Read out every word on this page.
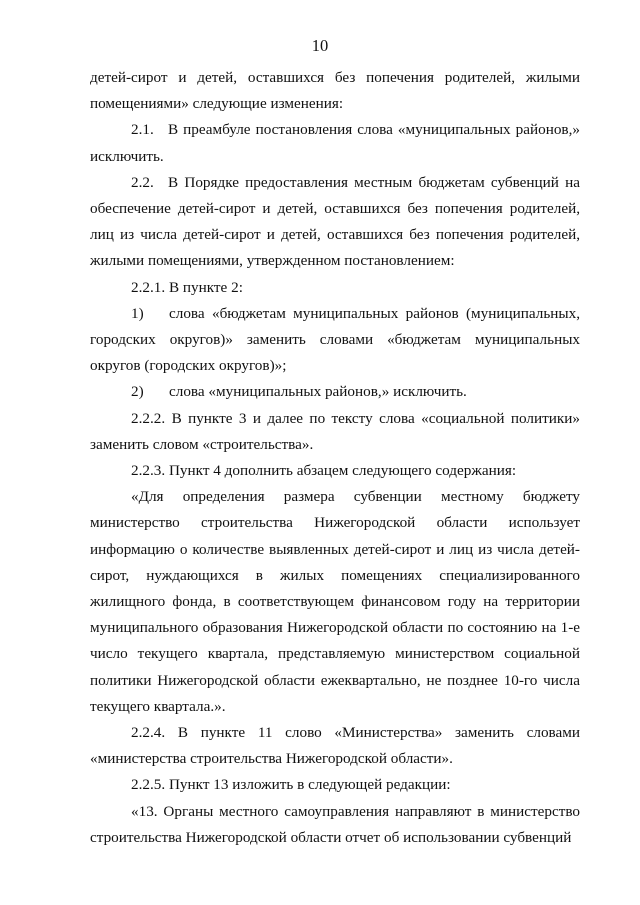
10

детей-сирот и детей, оставшихся без попечения родителей, жилыми помещениями» следующие изменения:

2.1. В преамбуле постановления слова «муниципальных районов,» исключить.

2.2. В Порядке предоставления местным бюджетам субвенций на обеспечение детей-сирот и детей, оставшихся без попечения родителей, лиц из числа детей-сирот и детей, оставшихся без попечения родителей, жилыми помещениями, утвержденном постановлением:

2.2.1. В пункте 2:

1) слова «бюджетам муниципальных районов (муниципальных, городских округов)» заменить словами «бюджетам муниципальных округов (городских округов)»;

2) слова «муниципальных районов,» исключить.

2.2.2. В пункте 3 и далее по тексту слова «социальной политики» заменить словом «строительства».

2.2.3. Пункт 4 дополнить абзацем следующего содержания:

«Для определения размера субвенции местному бюджету министерство строительства Нижегородской области использует информацию о количестве выявленных детей-сирот и лиц из числа детей-сирот, нуждающихся в жилых помещениях специализированного жилищного фонда, в соответствующем финансовом году на территории муниципального образования Нижегородской области по состоянию на 1-е число текущего квартала, представляемую министерством социальной политики Нижегородской области ежеквартально, не позднее 10-го числа текущего квартала.».

2.2.4. В пункте 11 слово «Министерства» заменить словами «министерства строительства Нижегородской области».

2.2.5. Пункт 13 изложить в следующей редакции:

«13. Органы местного самоуправления направляют в министерство строительства Нижегородской области отчет об использовании субвенций
